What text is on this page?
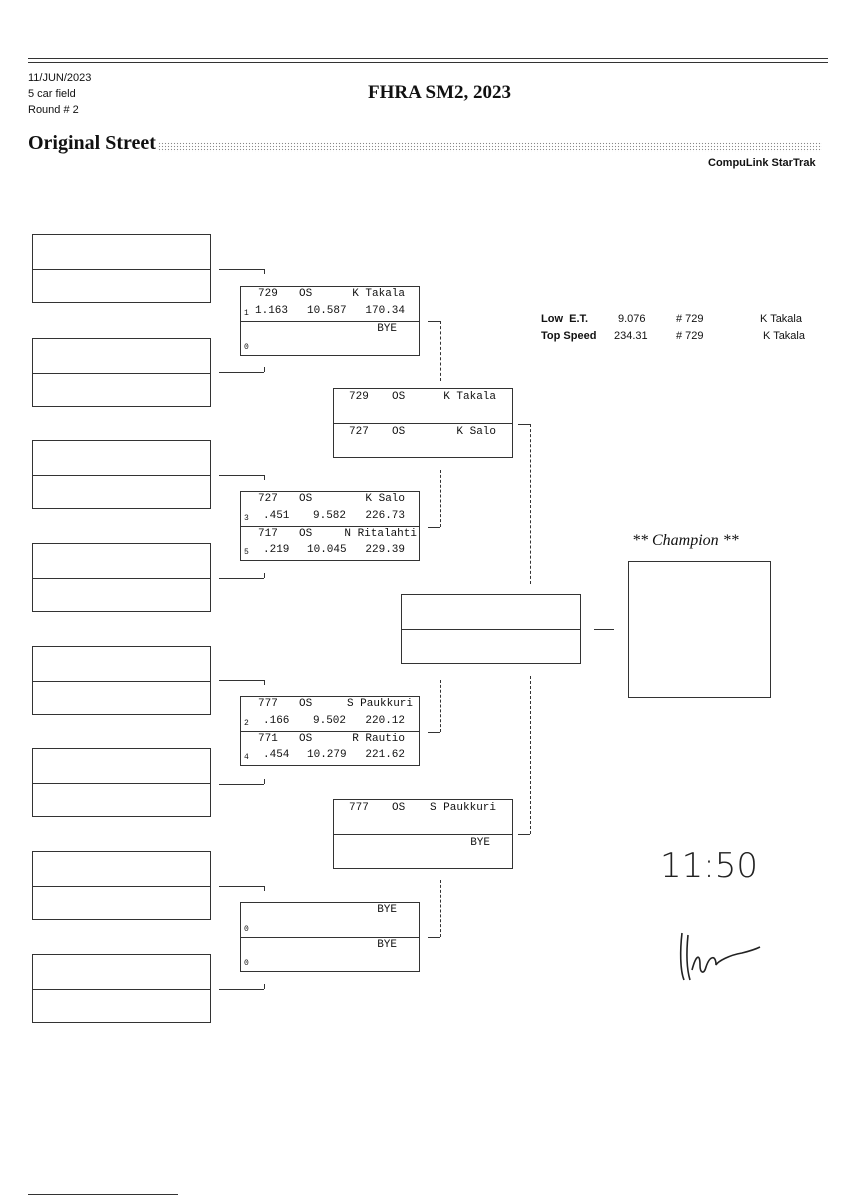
11/JUN/2023
5 car field
Round # 2
FHRA SM2, 2023
Original Street
CompuLink StarTrak
729 OS	K Takala
1 1.163 10.587 170.34
BYE
0
727 OS	K Salo
3 .451 9.582 226.73
717 OS	N Ritalahti
5 .219 10.045 229.39
777 OS	S Paukkuri
2 .166 9.502 220.12
771 OS	R Rautio
4 .454 10.279 221.62
BYE
0
BYE
0
729 OS	K Takala
727 OS	K Salo
777 OS S Paukkuri
BYE
** Champion **
Low  E.T.	9.076	# 729	K Takala
Top Speed 234.31	# 729	K Takala
11:50
